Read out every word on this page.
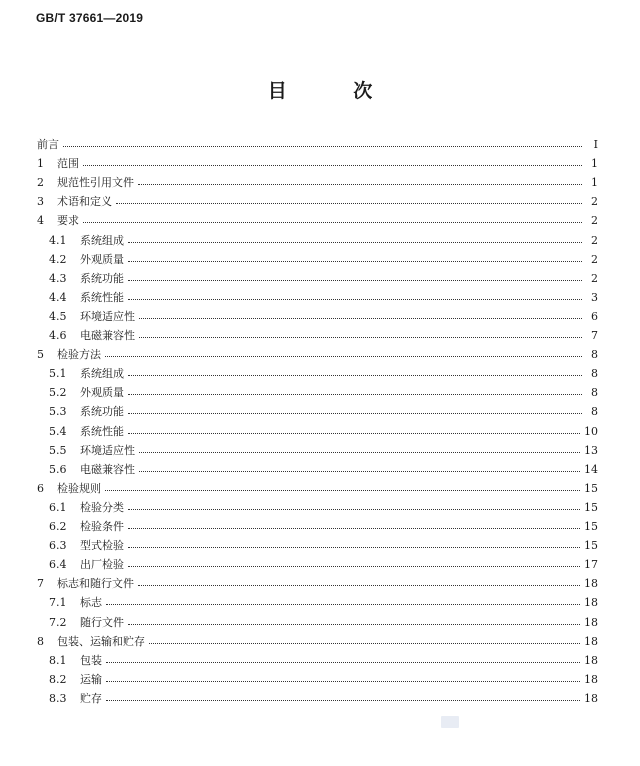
GB/T 37661—2019
目 次
前言	Ⅰ
1	范围	1
2	规范性引用文件	1
3	术语和定义	2
4	要求	2
4.1	系统组成	2
4.2	外观质量	2
4.3	系统功能	2
4.4	系统性能	3
4.5	环境适应性	6
4.6	电磁兼容性	7
5	检验方法	8
5.1	系统组成	8
5.2	外观质量	8
5.3	系统功能	8
5.4	系统性能	10
5.5	环境适应性	13
5.6	电磁兼容性	14
6	检验规则	15
6.1	检验分类	15
6.2	检验条件	15
6.3	型式检验	15
6.4	出厂检验	17
7	标志和随行文件	18
7.1	标志	18
7.2	随行文件	18
8	包装、运输和贮存	18
8.1	包装	18
8.2	运输	18
8.3	贮存	18
